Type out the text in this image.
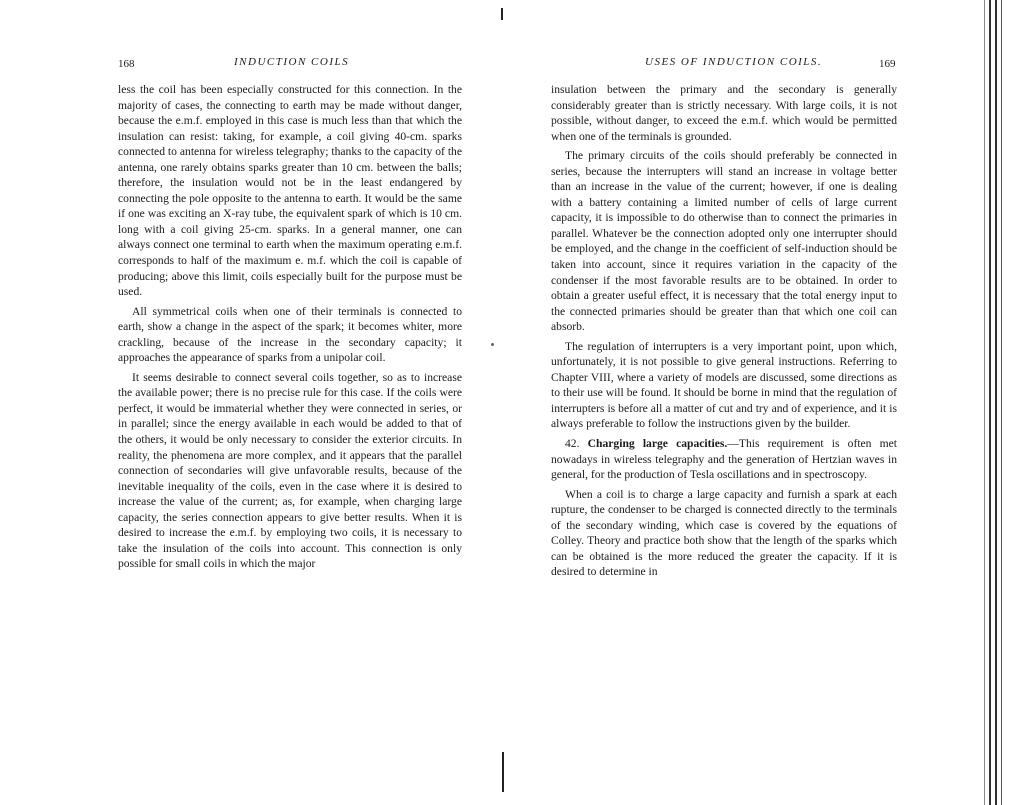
168	INDUCTION COILS

less the coil has been especially constructed for this connection. In the majority of cases, the connecting to earth may be made without danger, because the e.m.f. employed in this case is much less than that which the insulation can resist: taking, for example, a coil giving 40-cm. sparks connected to antenna for wireless telegraphy; thanks to the capacity of the antenna, one rarely obtains sparks greater than 10 cm. between the balls; therefore, the insulation would not be in the least endangered by connecting the pole opposite to the antenna to earth. It would be the same if one was exciting an X-ray tube, the equivalent spark of which is 10 cm. long with a coil giving 25-cm. sparks. In a general manner, one can always connect one terminal to earth when the maximum operating e.m.f. corresponds to half of the maximum e. m.f. which the coil is capable of producing; above this limit, coils especially built for the purpose must be used.

All symmetrical coils when one of their terminals is connected to earth, show a change in the aspect of the spark; it becomes whiter, more crackling, because of the increase in the secondary capacity; it approaches the appearance of sparks from a unipolar coil.

It seems desirable to connect several coils together, so as to increase the available power; there is no precise rule for this case. If the coils were perfect, it would be immaterial whether they were connected in series, or in parallel; since the energy available in each would be added to that of the others, it would be only necessary to consider the exterior circuits. In reality, the phenomena are more complex, and it appears that the parallel connection of secondaries will give unfavorable results, because of the inevitable inequality of the coils, even in the case where it is desired to increase the value of the current; as, for example, when charging large capacity, the series connection appears to give better results. When it is desired to increase the e.m.f. by employing two coils, it is necessary to take the insulation of the coils into account. This connection is only possible for small coils in which the major

USES OF INDUCTION COILS.	169

insulation between the primary and the secondary is generally considerably greater than is strictly necessary. With large coils, it is not possible, without danger, to exceed the e.m.f. which would be permitted when one of the terminals is grounded.

The primary circuits of the coils should preferably be connected in series, because the interrupters will stand an increase in voltage better than an increase in the value of the current; however, if one is dealing with a battery containing a limited number of cells of large current capacity, it is impossible to do otherwise than to connect the primaries in parallel. Whatever be the connection adopted only one interrupter should be employed, and the change in the coefficient of self-induction should be taken into account, since it requires variation in the capacity of the condenser if the most favorable results are to be obtained. In order to obtain a greater useful effect, it is necessary that the total energy input to the connected primaries should be greater than that which one coil can absorb.

The regulation of interrupters is a very important point, upon which, unfortunately, it is not possible to give general instructions. Referring to Chapter VIII, where a variety of models are discussed, some directions as to their use will be found. It should be borne in mind that the regulation of interrupters is before all a matter of cut and try and of experience, and it is always preferable to follow the instructions given by the builder.

42. Charging large capacities.—This requirement is often met nowadays in wireless telegraphy and the generation of Hertzian waves in general, for the production of Tesla oscillations and in spectroscopy.

When a coil is to charge a large capacity and furnish a spark at each rupture, the condenser to be charged is connected directly to the terminals of the secondary winding, which case is covered by the equations of Colley. Theory and practice both show that the length of the sparks which can be obtained is the more reduced the greater the capacity. If it is desired to determine in
